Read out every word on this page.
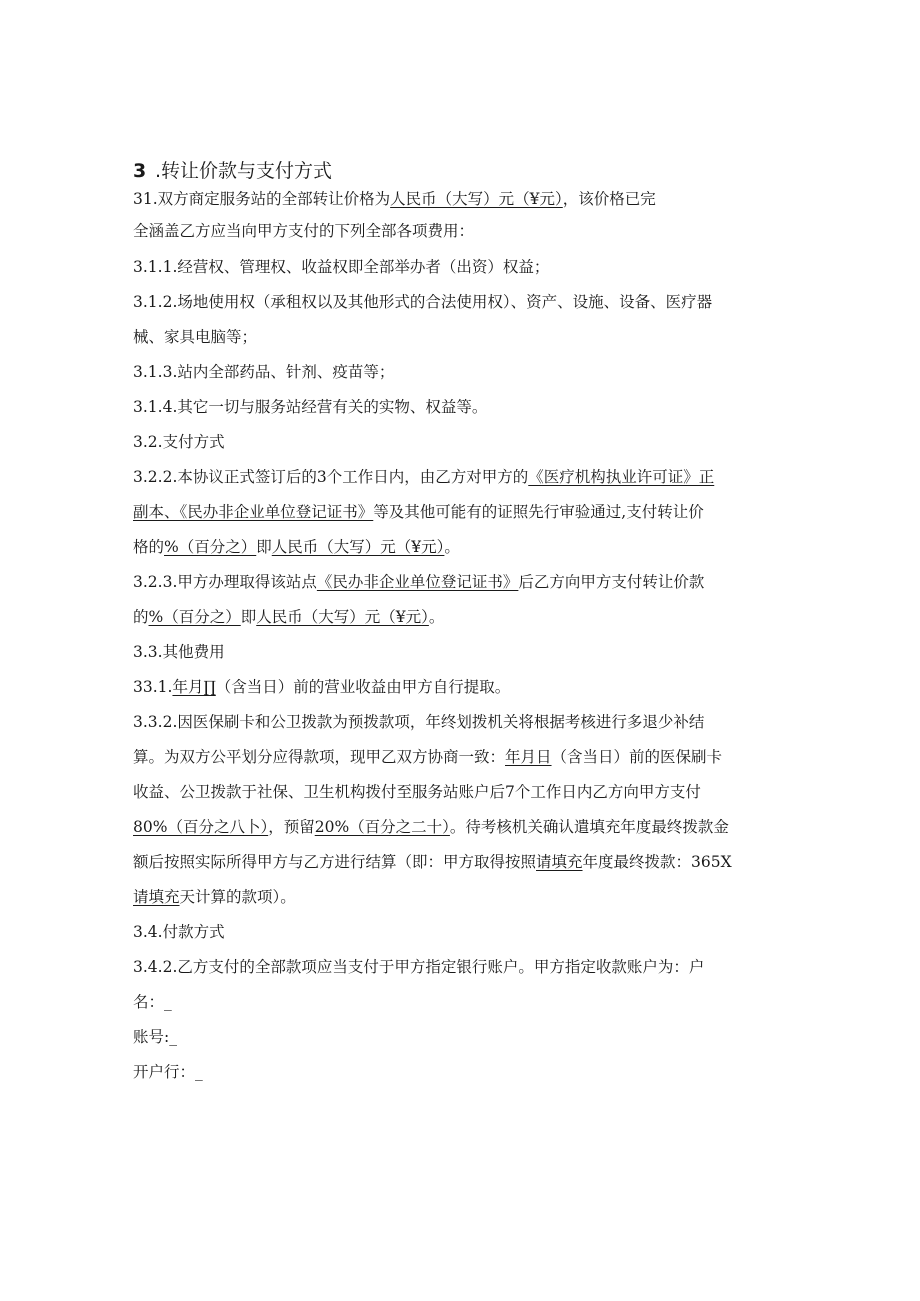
3 .转让价款与支付方式
31.双方商定服务站的全部转让价格为人民币（大写）元（¥元），该价格已完
全涵盖乙方应当向甲方支付的下列全部各项费用：
3.1.1.经营权、管理权、收益权即全部举办者（出资）权益；
3.1.2.场地使用权（承租权以及其他形式的合法使用权）、资产、设施、设备、医疗器
械、家具电脑等；
3.1.3.站内全部药品、针剂、疫苗等；
3.1.4.其它一切与服务站经营有关的实物、权益等。
3.2.支付方式
3.2.2.本协议正式签订后的3个工作日内，由乙方对甲方的《医疗机构执业许可证》正
副本、《民办非企业单位登记证书》等及其他可能有的证照先行审验通过,支付转让价
格的%（百分之）即人民币（大写）元（¥元）。
3.2.3.甲方办理取得该站点《民办非企业单位登记证书》后乙方向甲方支付转让价款
的%（百分之）即人民币（大写）元（¥元）。
3.3.其他费用
33.1.年月∏（含当日）前的营业收益由甲方自行提取。
3.3.2.因医保刷卡和公卫拨款为预拨款项，年终划拨机关将根据考核进行多退少补结
算。为双方公平划分应得款项，现甲乙双方协商一致：年月日（含当日）前的医保刷卡
收益、公卫拨款于社保、卫生机构拨付至服务站账户后7个工作日内乙方向甲方支付
80%（百分之八卜），预留20%（百分之二十）。待考核机关确认遣填充年度最终拨款金
额后按照实际所得甲方与乙方进行结算（即：甲方取得按照请填充年度最终拨款：365X
请填充天计算的款项）。
3.4.付款方式
3.4.2.乙方支付的全部款项应当支付于甲方指定银行账户。甲方指定收款账户为：户
名：_
账号:_
开户行：_
